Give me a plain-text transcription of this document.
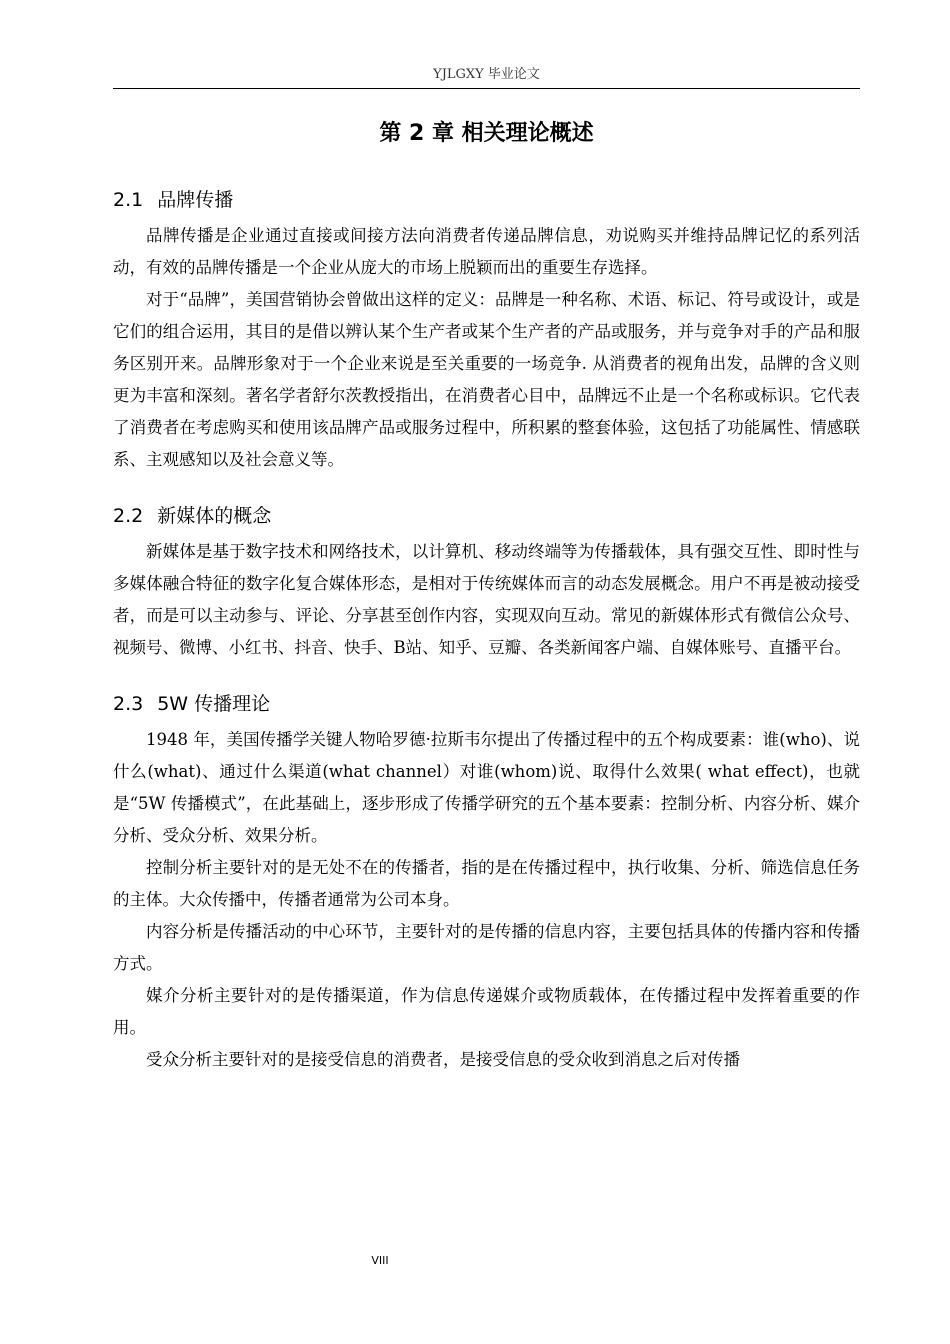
YJLGXY 毕业论文
第 2 章 相关理论概述
2.1 品牌传播

品牌传播是企业通过直接或间接方法向消费者传递品牌信息，劝说购买并维持品牌记忆的系列活动，有效的品牌传播是一个企业从庞大的市场上脱颖而出的重要生存选择。

对于“品牌”，美国营销协会曾做出这样的定义：品牌是一种名称、术语、标记、符号或设计，或是它们的组合运用，其目的是借以辨认某个生产者或某个生产者的产品或服务，并与竞争对手的产品和服务区别开来。品牌形象对于一个企业来说是至关重要的一场竞争. 从消费者的视角出发，品牌的含义则更为丰富和深刻。著名学者舒尔茨教授指出，在消费者心目中，品牌远不止是一个名称或标识。它代表了消费者在考虑购买和使用该品牌产品或服务过程中，所积累的整套体验，这包括了功能属性、情感联系、主观感知以及社会意义等。

2.2 新媒体的概念

新媒体是基于数字技术和网络技术，以计算机、移动终端等为传播载体，具有强交互性、即时性与多媒体融合特征的数字化复合媒体形态，是相对于传统媒体而言的动态发展概念。用户不再是被动接受者，而是可以主动参与、评论、分享甚至创作内容，实现双向互动。常见的新媒体形式有微信公众号、视频号、微博、小红书、抖音、快手、B站、知乎、豆瓣、各类新闻客户端、自媒体账号、直播平台。

2.3 5W 传播理论

1948 年，美国传播学关键人物哈罗德·拉斯韦尔提出了传播过程中的五个构成要素：谁(who)、说什么(what)、通过什么渠道(what channel）对谁(whom)说、取得什么效果( what effect)，也就是“5W 传播模式”，在此基础上，逐步形成了传播学研究的五个基本要素：控制分析、内容分析、媒介分析、受众分析、效果分析。

控制分析主要针对的是无处不在的传播者，指的是在传播过程中，执行收集、分析、筛选信息任务的主体。大众传播中，传播者通常为公司本身。

内容分析是传播活动的中心环节，主要针对的是传播的信息内容，主要包括具体的传播内容和传播方式。

媒介分析主要针对的是传播渠道，作为信息传递媒介或物质载体，在传播过程中发挥着重要的作用。

受众分析主要针对的是接受信息的消费者，是接受信息的受众收到消息之后对传播

VIII
